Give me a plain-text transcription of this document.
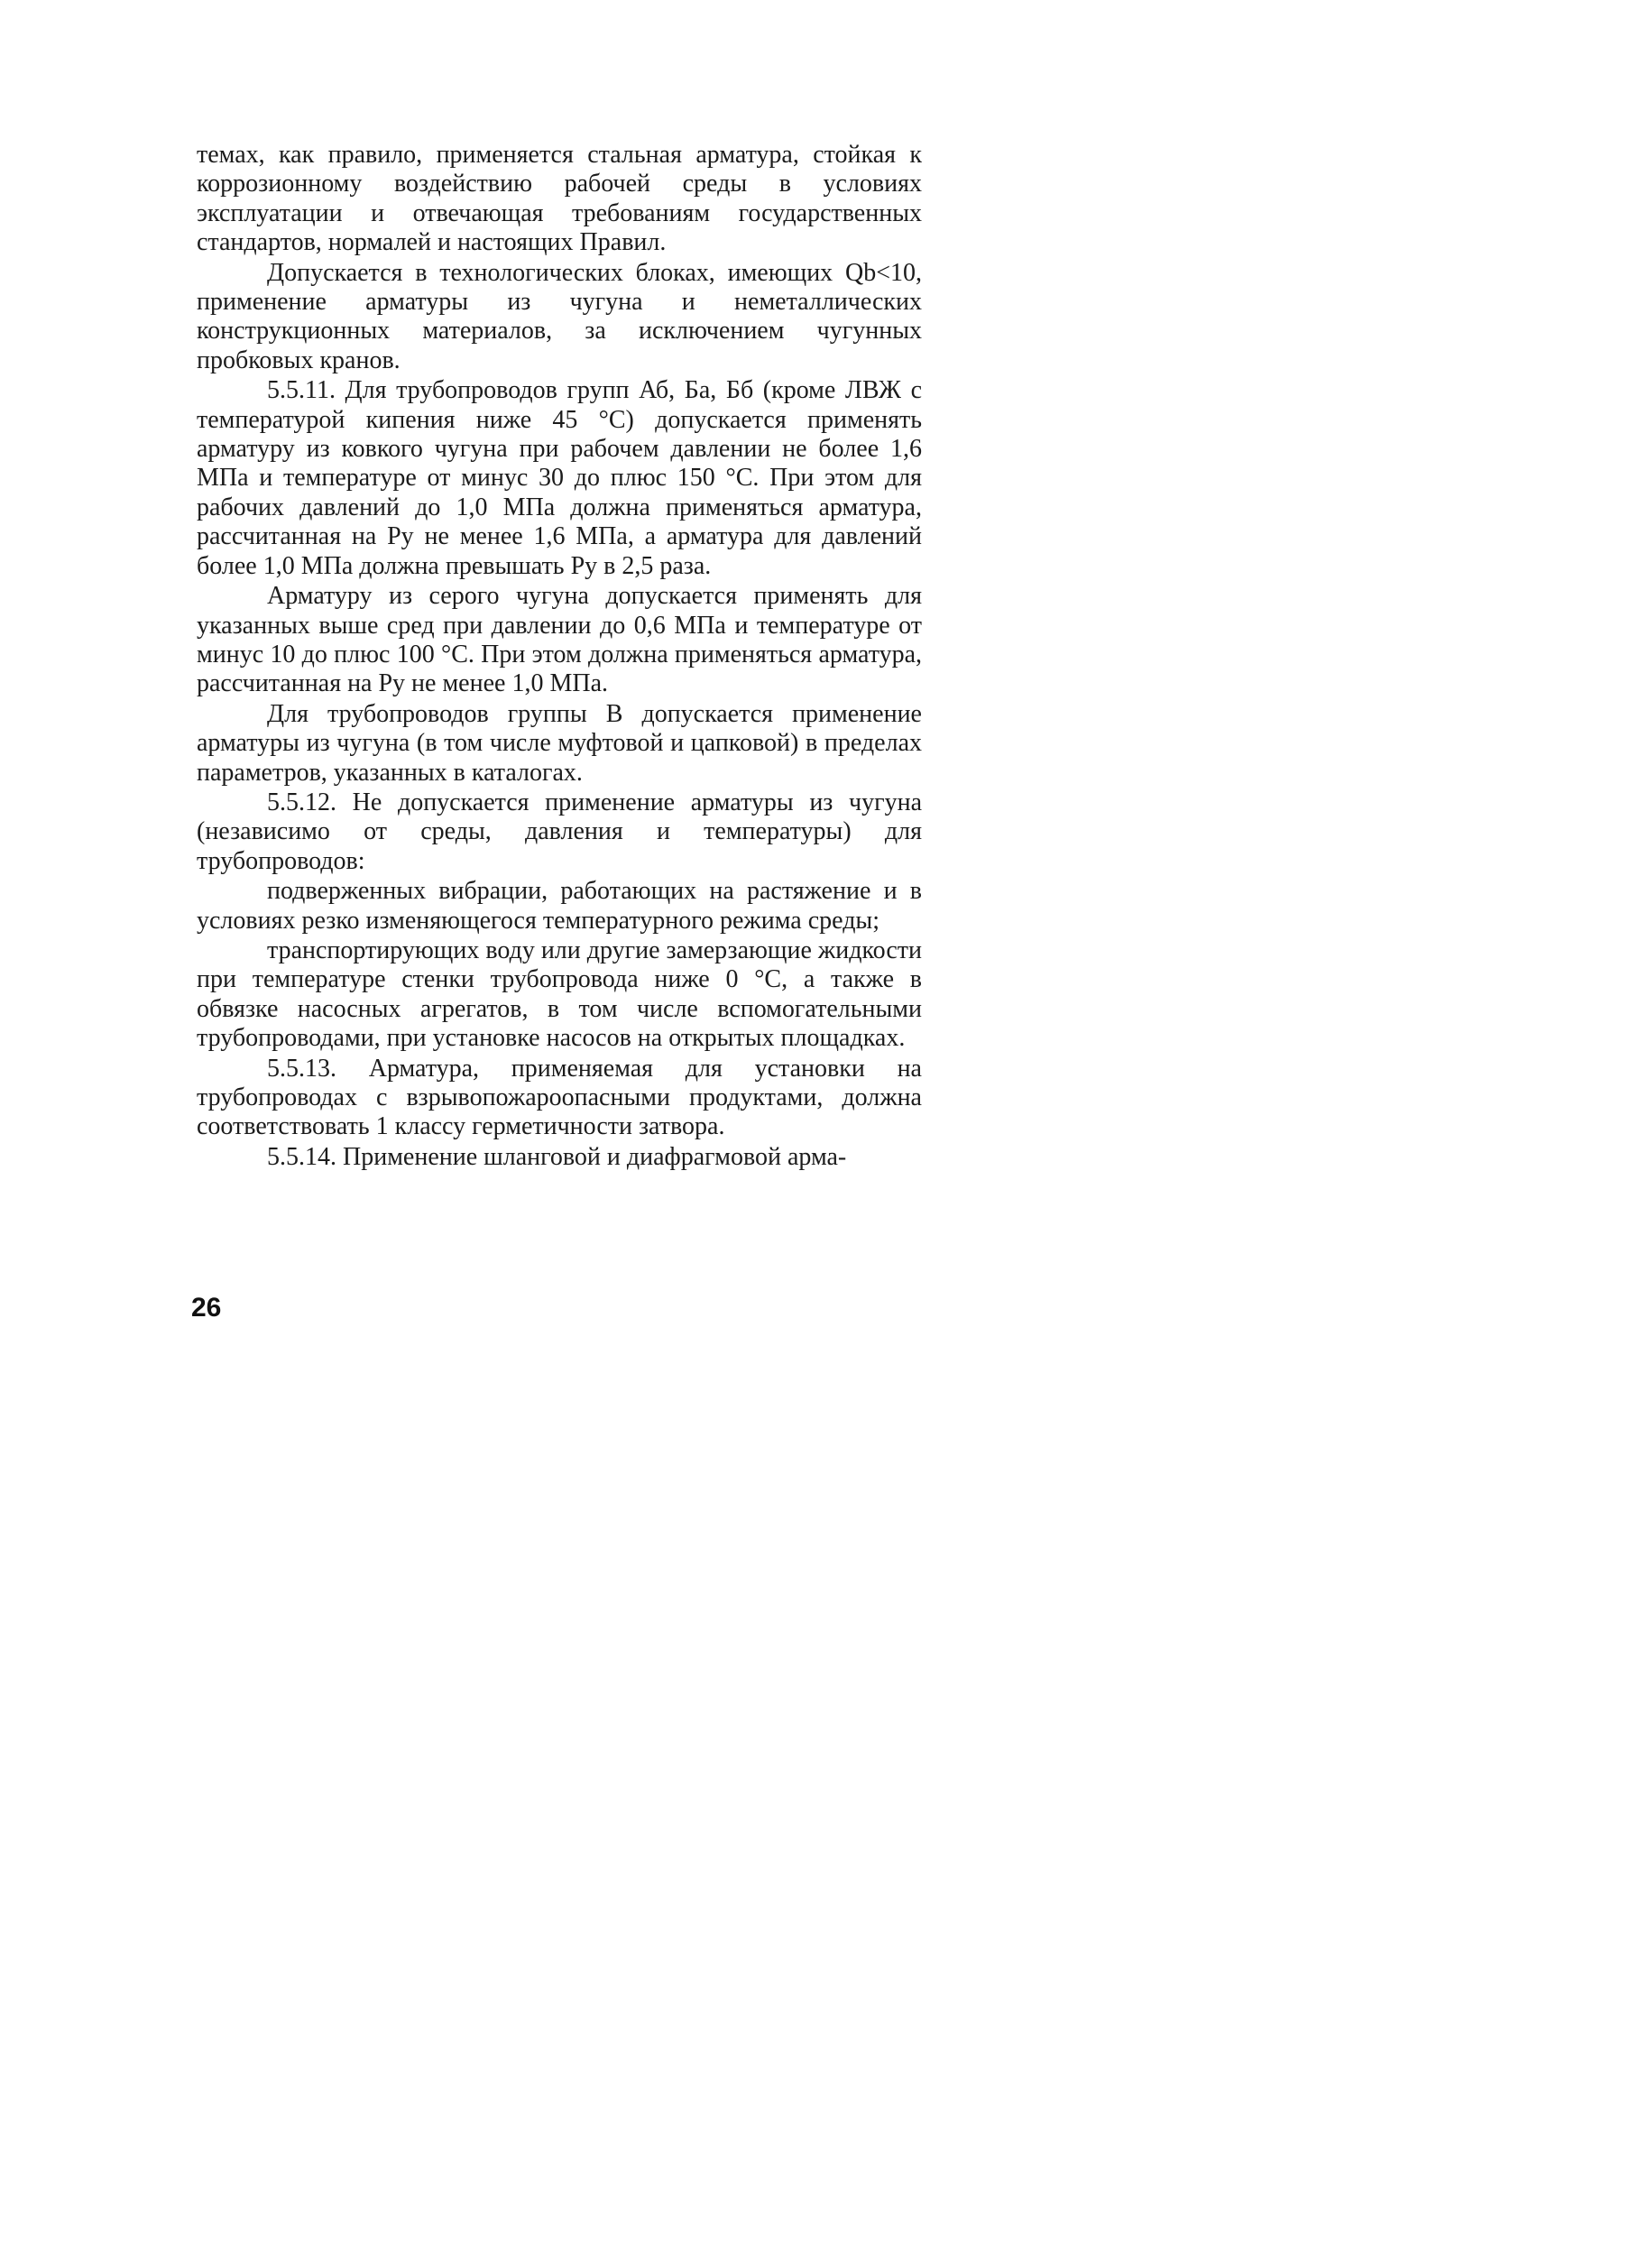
темах, как правило, применяется стальная арматура, стойкая к коррозионному воздействию рабочей среды в условиях эксплуатации и отвечающая требованиям государственных стандартов, нормалей и настоящих Правил.

Допускается в технологических блоках, имеющих Qb<10, применение арматуры из чугуна и неметаллических конструкционных материалов, за исключением чугунных пробковых кранов.

5.5.11. Для трубопроводов групп Аб, Ба, Бб (кроме ЛВЖ с температурой кипения ниже 45 °С) допускается применять арматуру из ковкого чугуна при рабочем давлении не более 1,6 МПа и температуре от минус 30 до плюс 150 °С. При этом для рабочих давлений до 1,0 МПа должна применяться арматура, рассчитанная на Pу не менее 1,6 МПа, а арматура для давлений более 1,0 МПа должна превышать Pу в 2,5 раза.

Арматуру из серого чугуна допускается применять для указанных выше сред при давлении до 0,6 МПа и температуре от минус 10 до плюс 100 °С. При этом должна применяться арматура, рассчитанная на Pу не менее 1,0 МПа.

Для трубопроводов группы В допускается применение арматуры из чугуна (в том числе муфтовой и цапковой) в пределах параметров, указанных в каталогах.

5.5.12. Не допускается применение арматуры из чугуна (независимо от среды, давления и температуры) для трубопроводов:

подверженных вибрации, работающих на растяжение и в условиях резко изменяющегося температурного режима среды;

транспортирующих воду или другие замерзающие жидкости при температуре стенки трубопровода ниже 0 °С, а также в обвязке насосных агрегатов, в том числе вспомогательными трубопроводами, при установке насосов на открытых площадках.

5.5.13. Арматура, применяемая для установки на трубопроводах с взрывопожароопасными продуктами, должна соответствовать 1 классу герметичности затвора.

5.5.14. Применение шланговой и диафрагмовой арма-

26
